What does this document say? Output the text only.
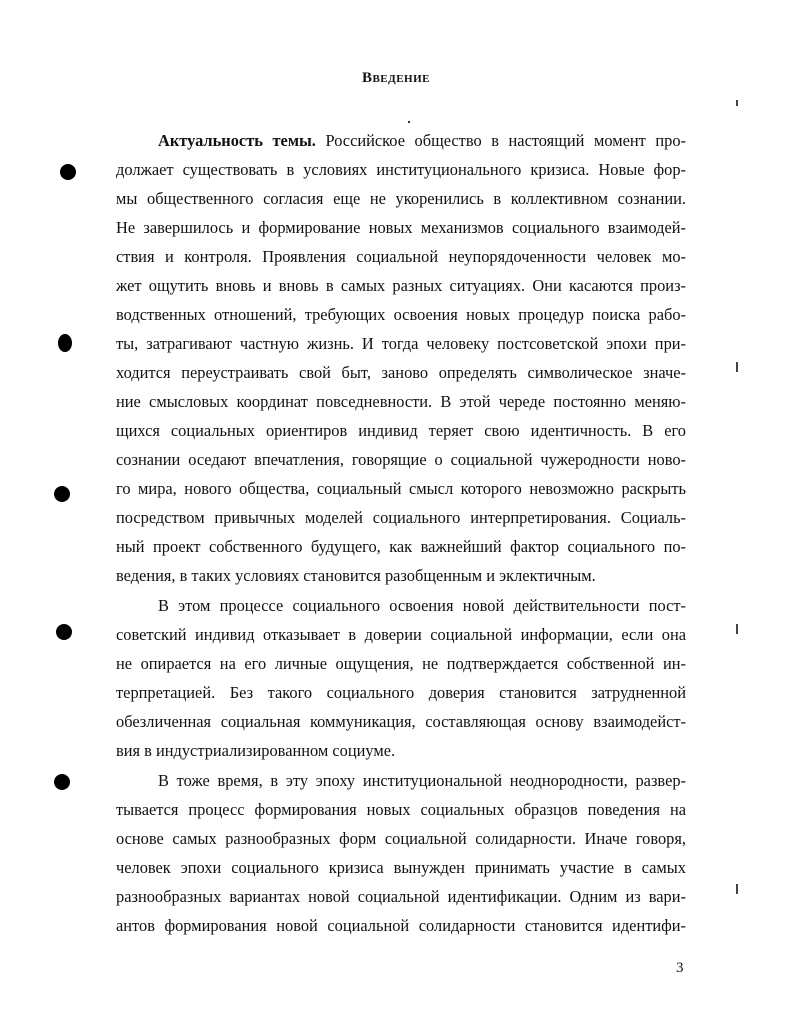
Введение
Актуальность темы. Российское общество в настоящий момент про-
должает существовать в условиях институционального кризиса. Новые фор-
мы общественного согласия еще не укоренились в коллективном сознании.
Не завершилось и формирование новых механизмов социального взаимодей-
ствия и контроля. Проявления социальной неупорядоченности человек мо-
жет ощутить вновь и вновь в самых разных ситуациях. Они касаются произ-
водственных отношений, требующих освоения новых процедур поиска рабо-
ты, затрагивают частную жизнь. И тогда человеку постсоветской эпохи при-
ходится переустраивать свой быт, заново определять символическое значе-
ние смысловых координат повседневности. В этой череде постоянно меняю-
щихся социальных ориентиров индивид теряет свою идентичность. В его
сознании оседают впечатления, говорящие о социальной чужеродности ново-
го мира, нового общества, социальный смысл которого невозможно раскрыть
посредством привычных моделей социального интерпретирования. Социаль-
ный проект собственного будущего, как важнейший фактор социального по-
ведения, в таких условиях становится разобщенным и эклектичным.
В этом процессе социального освоения новой действительности пост-
советский индивид отказывает в доверии социальной информации, если она
не опирается на его личные ощущения, не подтверждается собственной ин-
терпретацией. Без такого социального доверия становится затрудненной
обезличенная социальная коммуникация, составляющая основу взаимодейст-
вия в индустриализированном социуме.
В тоже время, в эту эпоху институциональной неоднородности, развер-
тывается процесс формирования новых социальных образцов поведения на
основе самых разнообразных форм социальной солидарности. Иначе говоря,
человек эпохи социального кризиса вынужден принимать участие в самых
разнообразных вариантах новой социальной идентификации. Одним из вари-
антов формирования новой социальной солидарности становится идентифи-
3
